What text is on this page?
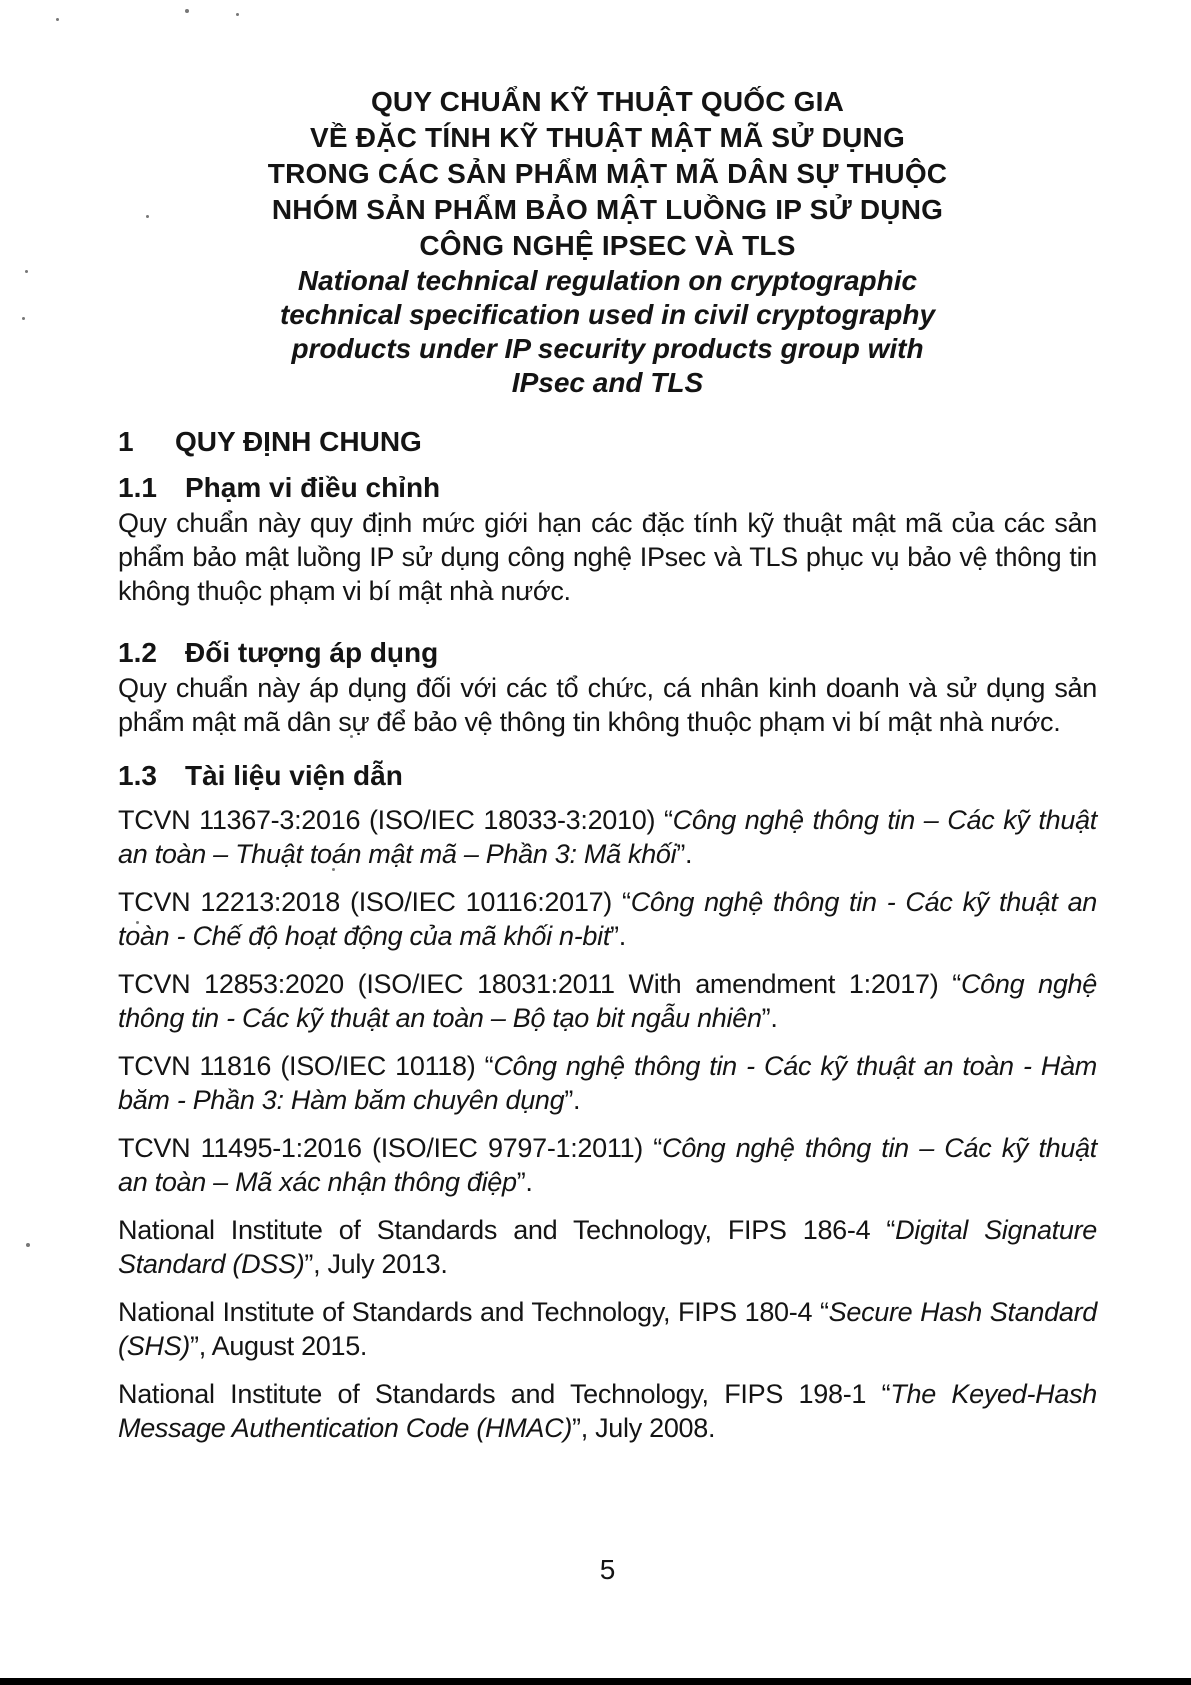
QUY CHUẨN KỸ THUẬT QUỐC GIA
VỀ ĐẶC TÍNH KỸ THUẬT MẬT MÃ SỬ DỤNG
TRONG CÁC SẢN PHẨM MẬT MÃ DÂN SỰ THUỘC
NHÓM SẢN PHẨM BẢO MẬT LUỒNG IP SỬ DỤNG
CÔNG NGHỆ IPSEC VÀ TLS
National technical regulation on cryptographic
technical specification used in civil cryptography
products under IP security products group with
IPsec and TLS
1 QUY ĐỊNH CHUNG
1.1 Phạm vi điều chỉnh

Quy chuẩn này quy định mức giới hạn các đặc tính kỹ thuật mật mã của các sản phẩm bảo mật luồng IP sử dụng công nghệ IPsec và TLS phục vụ bảo vệ thông tin không thuộc phạm vi bí mật nhà nước.

1.2 Đối tượng áp dụng

Quy chuẩn này áp dụng đối với các tổ chức, cá nhân kinh doanh và sử dụng sản phẩm mật mã dân sự để bảo vệ thông tin không thuộc phạm vi bí mật nhà nước.

1.3 Tài liệu viện dẫn

TCVN 11367-3:2016 (ISO/IEC 18033-3:2010) “Công nghệ thông tin – Các kỹ thuật an toàn – Thuật toán mật mã – Phần 3: Mã khối”.

TCVN 12213:2018 (ISO/IEC 10116:2017) “Công nghệ thông tin - Các kỹ thuật an toàn - Chế độ hoạt động của mã khối n-bit”.

TCVN 12853:2020 (ISO/IEC 18031:2011 With amendment 1:2017) “Công nghệ thông tin - Các kỹ thuật an toàn – Bộ tạo bit ngẫu nhiên”.

TCVN 11816 (ISO/IEC 10118) “Công nghệ thông tin - Các kỹ thuật an toàn - Hàm băm - Phần 3: Hàm băm chuyên dụng”.

TCVN 11495-1:2016 (ISO/IEC 9797-1:2011) “Công nghệ thông tin – Các kỹ thuật an toàn – Mã xác nhận thông điệp”.

National Institute of Standards and Technology, FIPS 186-4 “Digital Signature Standard (DSS)”, July 2013.

National Institute of Standards and Technology, FIPS 180-4 “Secure Hash Standard (SHS)”, August 2015.

National Institute of Standards and Technology, FIPS 198-1 “The Keyed-Hash Message Authentication Code (HMAC)”, July 2008.

5
